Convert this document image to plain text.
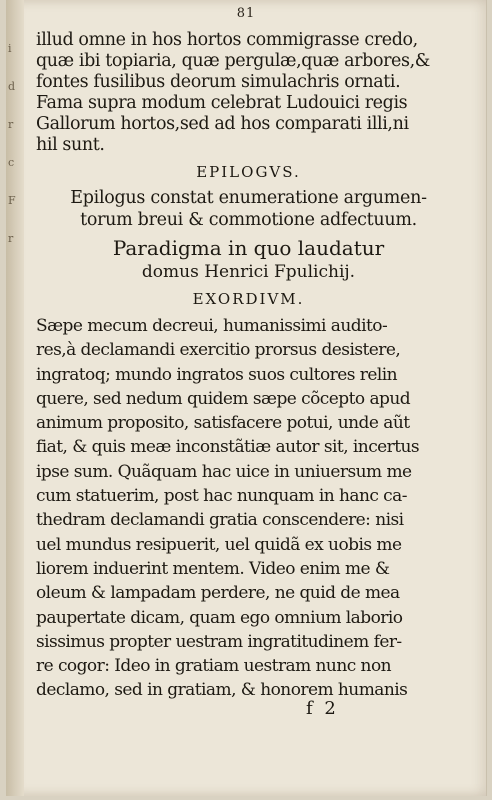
i
d
r
c
F
r
81
illud omne in hos hortos commigrasse credo,
quæ ibi topiaria, quæ pergulæ,quæ arbores,&
fontes fusilibus deorum simulachris ornati.
Fama supra modum celebrat Ludouici regis
Gallorum hortos,sed ad hos comparati illi,ni
hil sunt.
EPILOGVS.
Epilogus constat enumeratione argumen-
torum breui & commotione adfectuum.
Paradigma in quo laudatur
domus Henrici Fpulichij.
EXORDIVM.
Sæpe mecum decreui, humanissimi audito-
res,à declamandi exercitio prorsus desistere,
ingratoq; mundo ingratos suos cultores relin
quere, sed nedum quidem sæpe cõcepto apud
animum proposito, satisfacere potui, unde aũt
fiat, & quis meæ inconstãtiæ autor sit, incertus
ipse sum. Quãquam hac uice in uniuersum me
cum statuerim, post hac nunquam in hanc ca-
thedram declamandi gratia conscendere: nisi
uel mundus resipuerit, uel quidã ex uobis me
liorem induerint mentem. Video enim me &
oleum & lampadam perdere, ne quid de mea
paupertate dicam, quam ego omnium laborio
sissimus propter uestram ingratitudinem fer-
re cogor: Ideo in gratiam uestram nunc non
declamo, sed in gratiam, & honorem humanis
f 2
